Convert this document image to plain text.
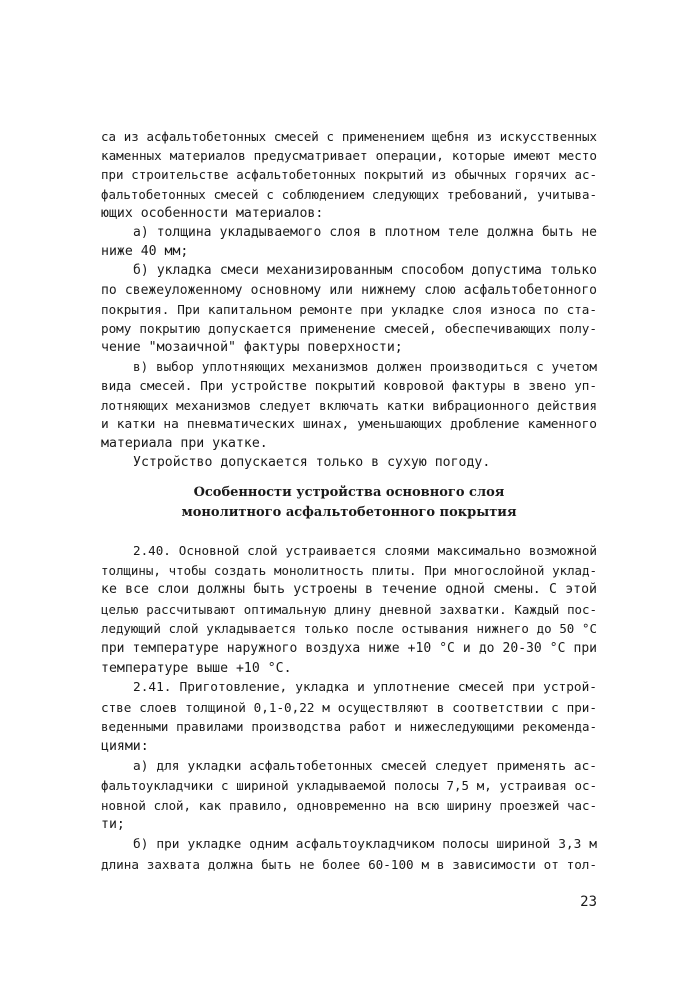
са из асфальтобетонных смесей с применением щебня из искусственных
каменных материалов предусматривает операции, которые имеют место
при строительстве асфальтобетонных покрытий из обычных горячих ас-
фальтобетонных смесей с соблюдением следующих требований, учитыва-
ющих особенности материалов:
а) толщина укладываемого слоя в плотном теле должна быть не
ниже 40 мм;
б) укладка смеси механизированным способом допустима только
по свежеуложенному основному или нижнему слою асфальтобетонного
покрытия. При капитальном ремонте при укладке слоя износа по ста-
рому покрытию допускается применение смесей, обеспечивающих полу-
чение "мозаичной" фактуры поверхности;
в) выбор уплотняющих механизмов должен производиться с учетом
вида смесей. При устройстве покрытий ковровой фактуры в звено уп-
лотняющих механизмов следует включать катки вибрационного действия
и катки на пневматических шинах, уменьшающих дробление каменного
материала при укатке.
Устройство допускается только в сухую погоду.
Особенности устройства основного слоя
монолитного асфальтобетонного покрытия
2.40. Основной слой устраивается слоями максимально возможной
толщины, чтобы создать монолитность плиты. При многослойной уклад-
ке все слои должны быть устроены в течение одной смены. С этой
целью рассчитывают оптимальную длину дневной захватки. Каждый пос-
ледующий слой укладывается только после остывания нижнего до 50 °С
при температуре наружного воздуха ниже +10 °С и до 20-30 °С при
температуре выше +10 °С.
2.41. Приготовление, укладка и уплотнение смесей при устрой-
стве слоев толщиной 0,1-0,22 м осуществляют в соответствии с при-
веденными правилами производства работ и нижеследующими рекоменда-
циями:
а) для укладки асфальтобетонных смесей следует применять ас-
фальтоукладчики с шириной укладываемой полосы 7,5 м, устраивая ос-
новной слой, как правило, одновременно на всю ширину проезжей час-
ти;
б) при укладке одним асфальтоукладчиком полосы шириной 3,3 м
длина захвата должна быть не более 60-100 м в зависимости от тол-
23
